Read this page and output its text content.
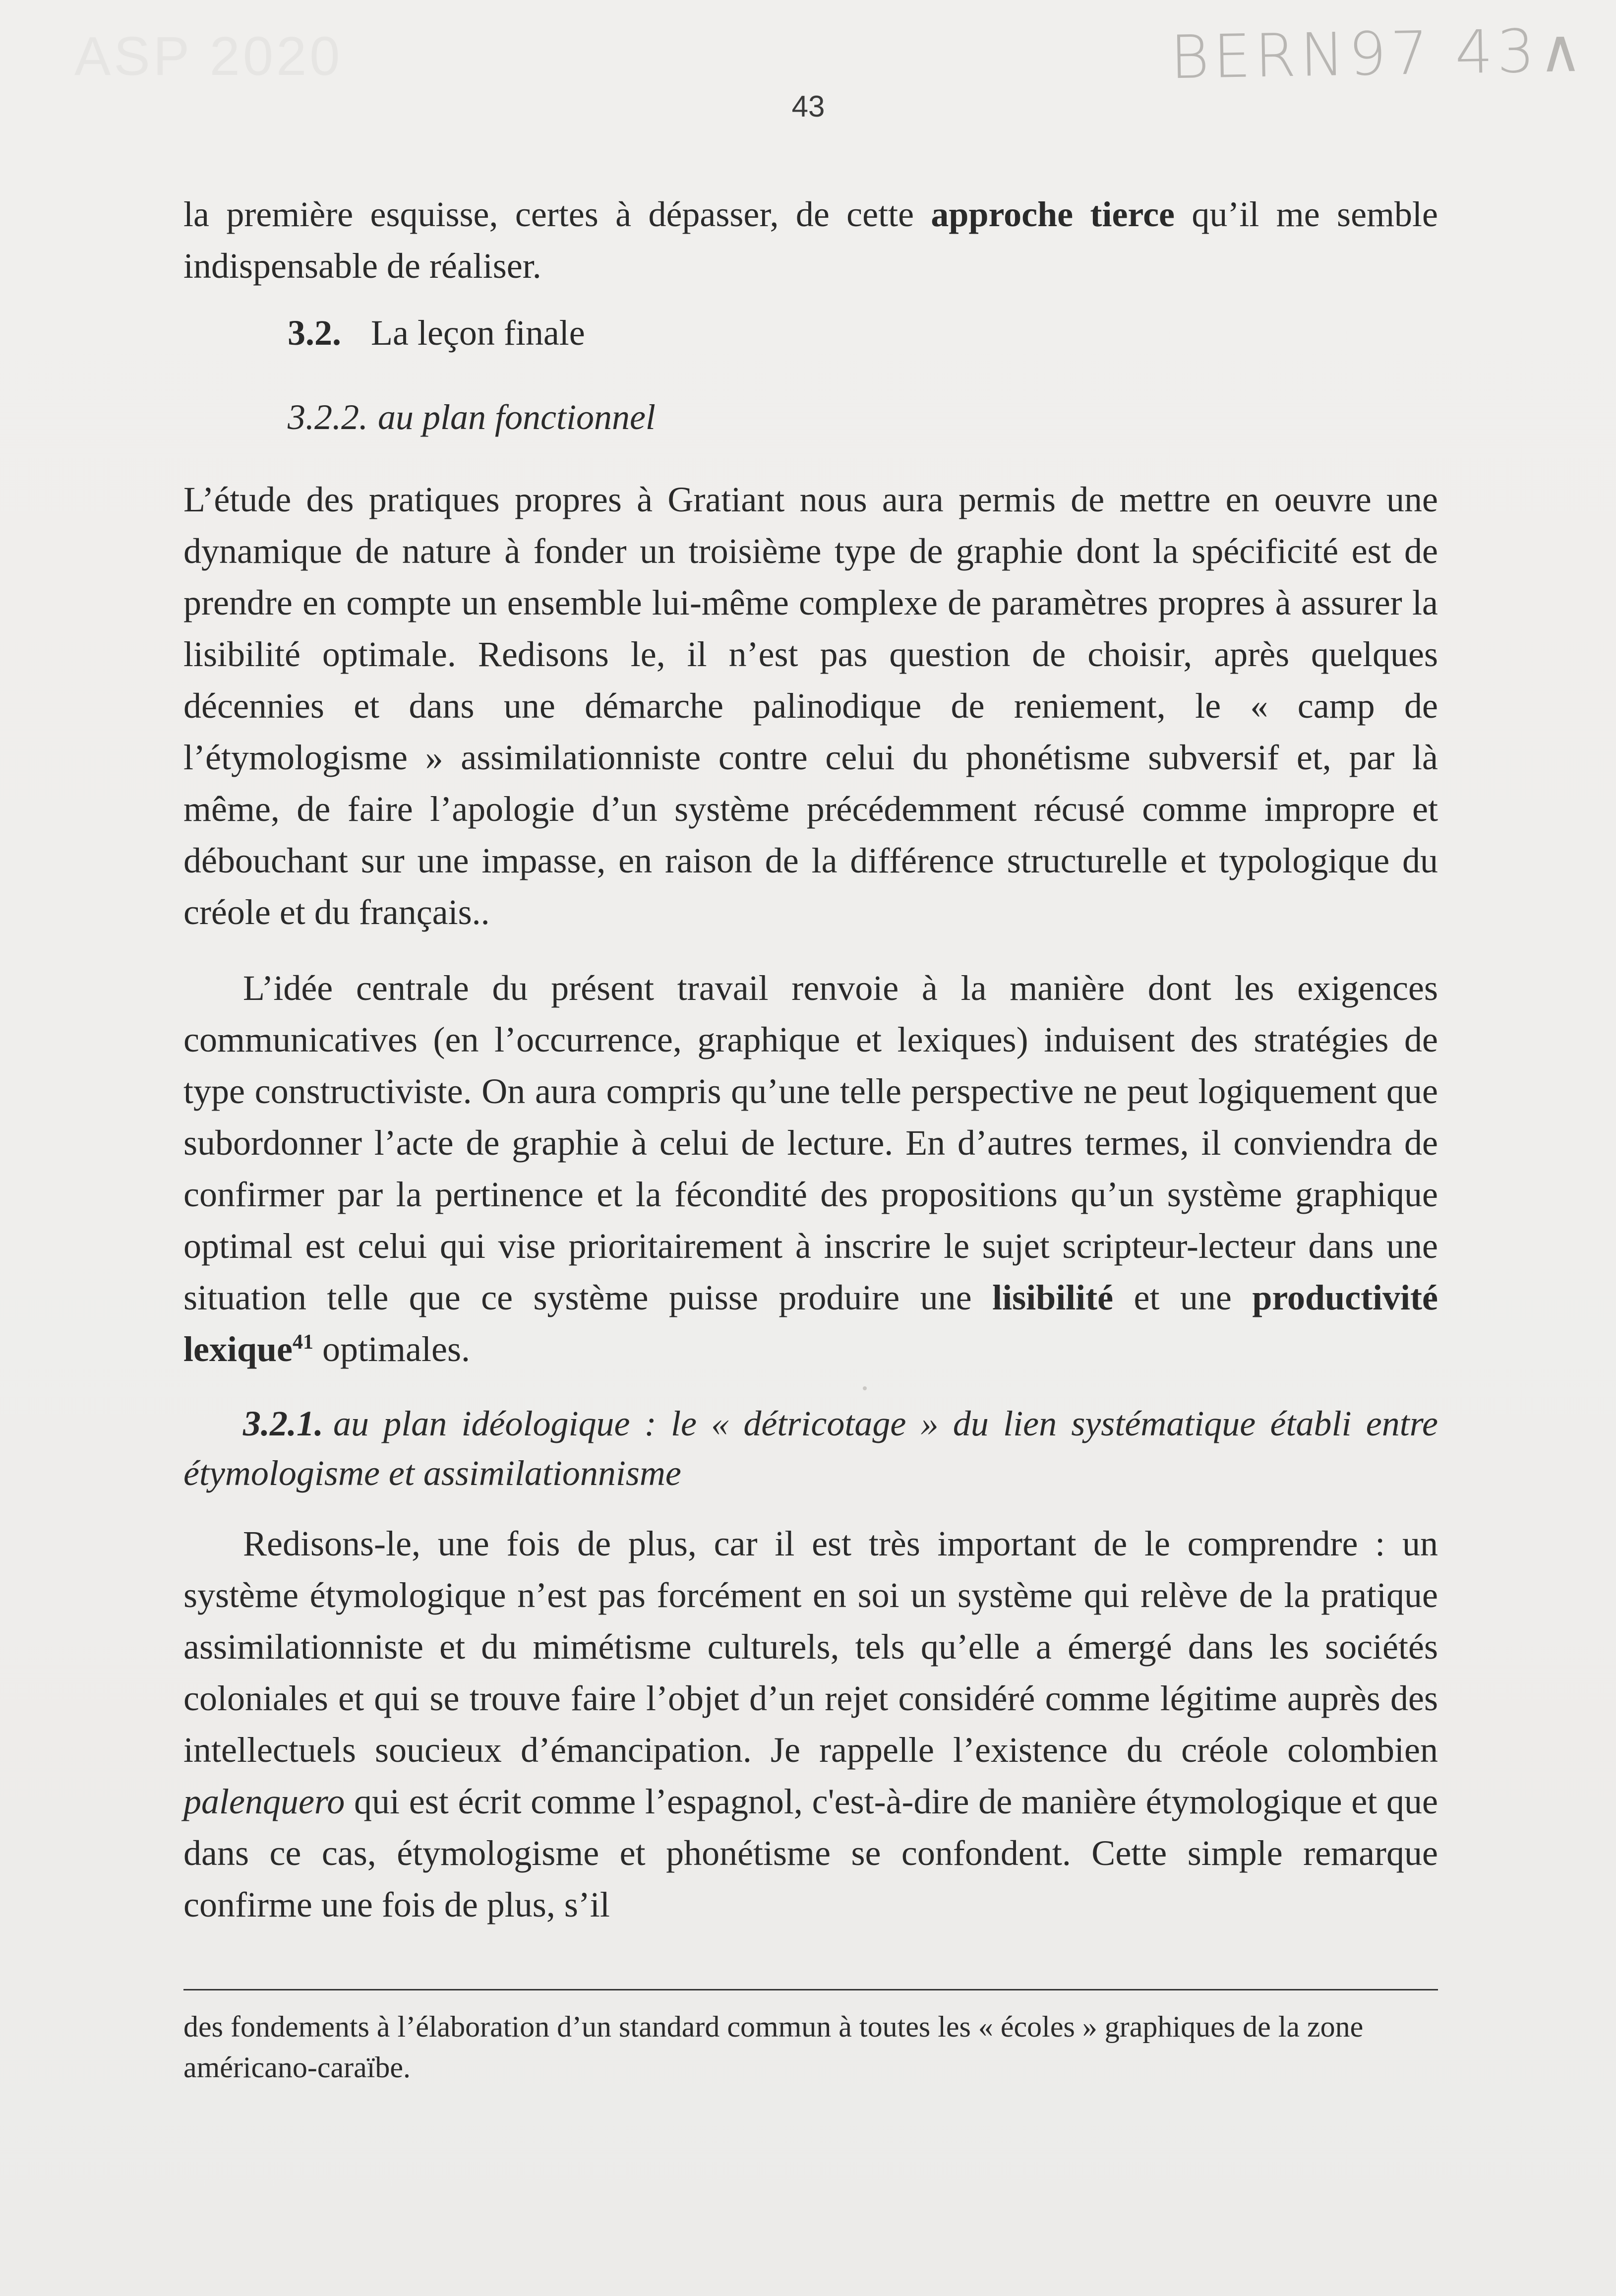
ASP 2020	BERN97 43∧
43

la première esquisse, certes à dépasser, de cette approche tierce qu’il me semble indispensable de réaliser.

3.2. La leçon finale
3.2.2. au plan fonctionnel

L’étude des pratiques propres à Gratiant nous aura permis de mettre en oeuvre une dynamique de nature à fonder un troisième type de graphie dont la spécificité est de prendre en compte un ensemble lui-même complexe de paramètres propres à assurer la lisibilité optimale. Redisons le, il n’est pas question de choisir, après quelques décennies et dans une démarche palinodique de reniement, le « camp de l’étymologisme » assimilationniste contre celui du phonétisme subversif et, par là même, de faire l’apologie d’un système précédemment récusé comme impropre et débouchant sur une impasse, en raison de la différence structurelle et typologique du créole et du français..

L’idée centrale du présent travail renvoie à la manière dont les exigences communicatives (en l’occurrence, graphique et lexiques) induisent des stratégies de type constructiviste. On aura compris qu’une telle perspective ne peut logiquement que subordonner l’acte de graphie à celui de lecture. En d’autres termes, il conviendra de confirmer par la pertinence et la fécondité des propositions qu’un système graphique optimal est celui qui vise prioritairement à inscrire le sujet scripteur-lecteur dans une situation telle que ce système puisse produire une lisibilité et une productivité lexique$^{41}$ optimales.

3.2.1. au plan idéologique : le « détricotage » du lien systématique établi entre étymologisme et assimilationnisme

Redisons-le, une fois de plus, car il est très important de le comprendre : un système étymologique n’est pas forcément en soi un système qui relève de la pratique assimilationniste et du mimétisme culturels, tels qu’elle a émergé dans les sociétés coloniales et qui se trouve faire l’objet d’un rejet considéré comme légitime auprès des intellectuels soucieux d’émancipation. Je rappelle l’existence du créole colombien palenquero qui est écrit comme l’espagnol, c'est-à-dire de manière étymologique et que dans ce cas, étymologisme et phonétisme se confondent. Cette simple remarque confirme une fois de plus, s’il

des fondements à l’élaboration d’un standard commun à toutes les « écoles » graphiques de la zone américano-caraïbe.
